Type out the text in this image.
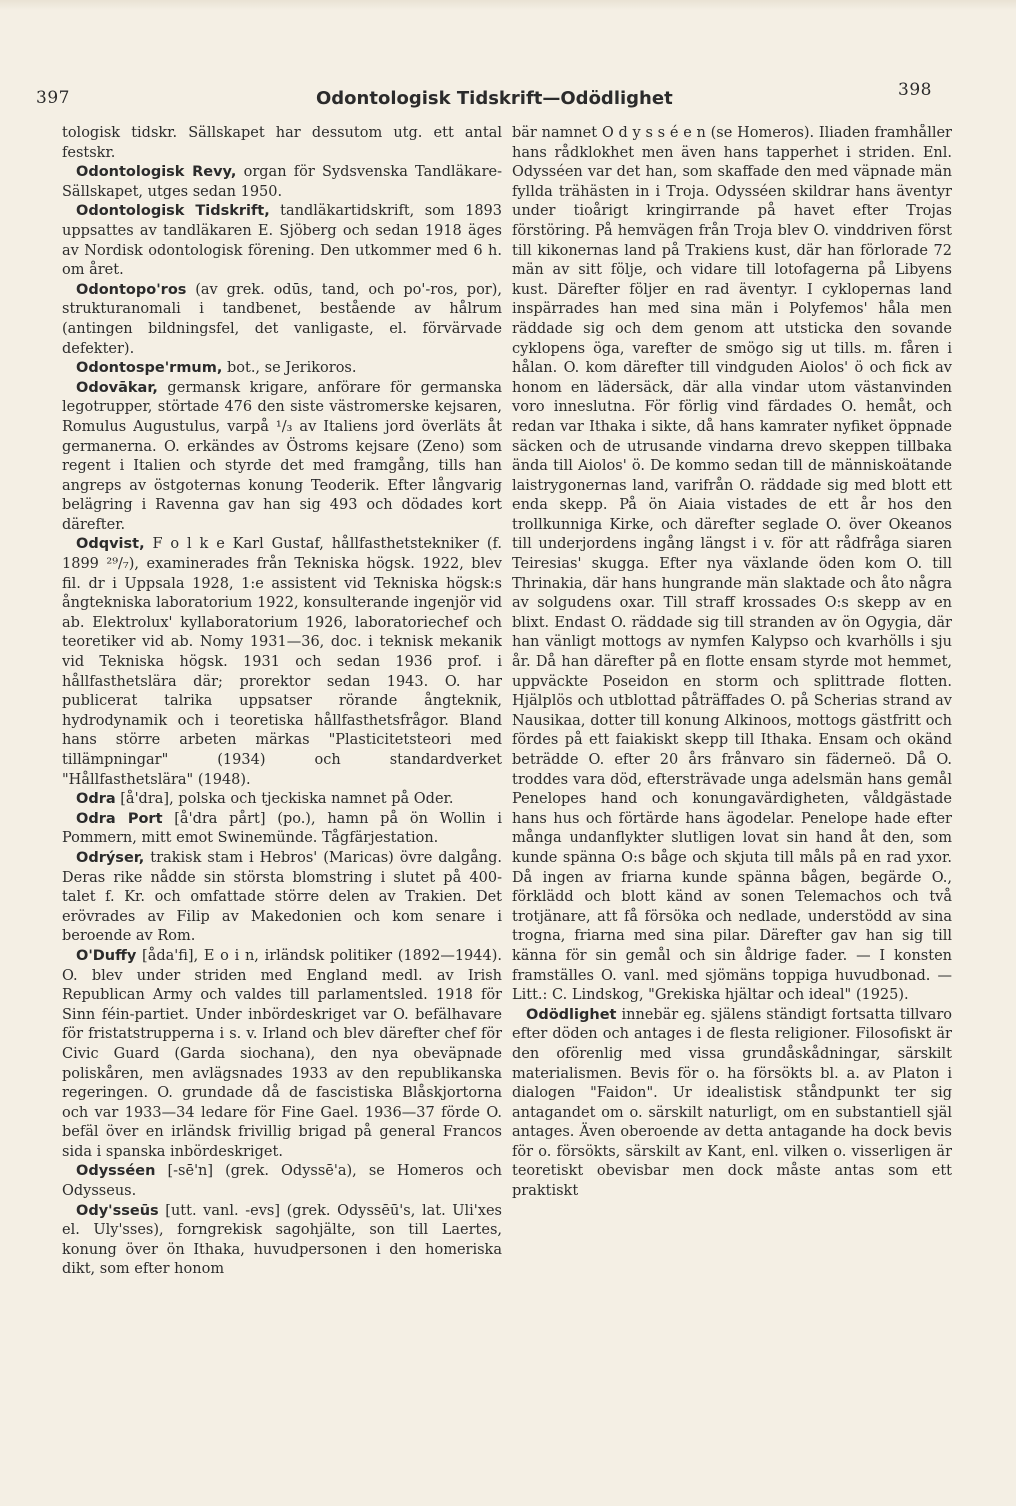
397	Odontologisk Tidskrift—Odödlighet	398

tologisk tidskr. Sällskapet har dessutom utg. ett antal festskr.

Odontologisk Revy, organ för Sydsvenska Tandläkare-Sällskapet, utges sedan 1950.

Odontologisk Tidskrift, tandläkartidskrift, som 1893 uppsattes av tandläkaren E. Sjöberg och sedan 1918 äges av Nordisk odontologisk förening. Den utkommer med 6 h. om året.

Odontopo'ros (av grek. odūs, tand, och po'-ros, por), strukturanomali i tandbenet, bestående av hålrum (antingen bildningsfel, det vanligaste, el. förvärvade defekter).

Odontospe'rmum, bot., se Jerikoros.

Odovākar, germansk krigare, anförare för germanska legotrupper, störtade 476 den siste västromerske kejsaren, Romulus Augustulus, varpå ¹/₃ av Italiens jord överläts åt germanerna. O. erkändes av Östroms kejsare (Zeno) som regent i Italien och styrde det med framgång, tills han angreps av östgoternas konung Teoderik. Efter långvarig belägring i Ravenna gav han sig 493 och dödades kort därefter.

Odqvist, F o l k e Karl Gustaf, hållfasthetstekniker (f. 1899 ²⁹/₇), examinerades från Tekniska högsk. 1922, blev fil. dr i Uppsala 1928, 1:e assistent vid Tekniska högsk:s ångtekniska laboratorium 1922, konsulterande ingenjör vid ab. Elektrolux' kyllaboratorium 1926, laboratoriechef och teoretiker vid ab. Nomy 1931—36, doc. i teknisk mekanik vid Tekniska högsk. 1931 och sedan 1936 prof. i hållfasthetslära där; prorektor sedan 1943. O. har publicerat talrika uppsatser rörande ångteknik, hydrodynamik och i teoretiska hållfasthetsfrågor. Bland hans större arbeten märkas "Plasticitetsteori med tillämpningar" (1934) och standardverket "Hållfasthetslära" (1948).

Odra [å'dra], polska och tjeckiska namnet på Oder.

Odra Port [å'dra pårt] (po.), hamn på ön Wollin i Pommern, mitt emot Swinemünde. Tågfärjestation.

Odrýser, trakisk stam i Hebros' (Maricas) övre dalgång. Deras rike nådde sin största blomstring i slutet på 400-talet f. Kr. och omfattade större delen av Trakien. Det erövrades av Filip av Makedonien och kom senare i beroende av Rom.

O'Duffy [åda'fi], E o i n, irländsk politiker (1892—1944). O. blev under striden med England medl. av Irish Republican Army och valdes till parlamentsled. 1918 för Sinn féin-partiet. Under inbördeskriget var O. befälhavare för fristatstrupperna i s. v. Irland och blev därefter chef för Civic Guard (Garda siochana), den nya obeväpnade poliskåren, men avlägsnades 1933 av den republikanska regeringen. O. grundade då de fascistiska Blåskjortorna och var 1933—34 ledare för Fine Gael. 1936—37 förde O. befäl över en irländsk frivillig brigad på general Francos sida i spanska inbördeskriget.

Odysséen [-sē'n] (grek. Odyssē'a), se Homeros och Odysseus.

Ody'sseūs [utt. vanl. -evs] (grek. Odyssēū's, lat. Uli'xes el. Uly'sses), forngrekisk sagohjälte, son till Laertes, konung över ön Ithaka, huvudpersonen i den homeriska dikt, som efter honom

bär namnet O d y s s é e n (se Homeros). Iliaden framhåller hans rådklokhet men även hans tapperhet i striden. Enl. Odysséen var det han, som skaffade den med väpnade män fyllda trähästen in i Troja. Odysséen skildrar hans äventyr under tioårigt kringirrande på havet efter Trojas förstöring. På hemvägen från Troja blev O. vinddriven först till kikonernas land på Trakiens kust, där han förlorade 72 män av sitt följe, och vidare till lotofagerna på Libyens kust. Därefter följer en rad äventyr. I cyklopernas land inspärrades han med sina män i Polyfemos' håla men räddade sig och dem genom att utsticka den sovande cyklopens öga, varefter de smögo sig ut tills. m. fåren i hålan. O. kom därefter till vindguden Aiolos' ö och fick av honom en lädersäck, där alla vindar utom västanvinden voro inneslutna. För förlig vind färdades O. hemåt, och redan var Ithaka i sikte, då hans kamrater nyfiket öppnade säcken och de utrusande vindarna drevo skeppen tillbaka ända till Aiolos' ö. De kommo sedan till de människoätande laistrygonernas land, varifrån O. räddade sig med blott ett enda skepp. På ön Aiaia vistades de ett år hos den trollkunniga Kirke, och därefter seglade O. över Okeanos till underjordens ingång längst i v. för att rådfråga siaren Teiresias' skugga. Efter nya växlande öden kom O. till Thrinakia, där hans hungrande män slaktade och åto några av solgudens oxar. Till straff krossades O:s skepp av en blixt. Endast O. räddade sig till stranden av ön Ogygia, där han vänligt mottogs av nymfen Kalypso och kvarhölls i sju år. Då han därefter på en flotte ensam styrde mot hemmet, uppväckte Poseidon en storm och splittrade flotten. Hjälplös och utblottad påträffades O. på Scherias strand av Nausikaa, dotter till konung Alkinoos, mottogs gästfritt och fördes på ett faiakiskt skepp till Ithaka. Ensam och okänd beträdde O. efter 20 års frånvaro sin fäderneö. Då O. troddes vara död, eftersträvade unga adelsmän hans gemål Penelopes hand och konungavärdigheten, våldgästade hans hus och förtärde hans ägodelar. Penelope hade efter många undanflykter slutligen lovat sin hand åt den, som kunde spänna O:s båge och skjuta till måls på en rad yxor. Då ingen av friarna kunde spänna bågen, begärde O., förklädd och blott känd av sonen Telemachos och två trotjänare, att få försöka och nedlade, understödd av sina trogna, friarna med sina pilar. Därefter gav han sig till känna för sin gemål och sin åldrige fader. — I konsten framställes O. vanl. med sjömäns toppiga huvudbonad. — Litt.: C. Lindskog, "Grekiska hjältar och ideal" (1925).

Odödlighet innebär eg. själens ständigt fortsatta tillvaro efter döden och antages i de flesta religioner. Filosofiskt är den oförenlig med vissa grundåskådningar, särskilt materialismen. Bevis för o. ha försökts bl. a. av Platon i dialogen "Faidon". Ur idealistisk ståndpunkt ter sig antagandet om o. särskilt naturligt, om en substantiell själ antages. Även oberoende av detta antagande ha dock bevis för o. försökts, särskilt av Kant, enl. vilken o. visserligen är teoretiskt obevisbar men dock måste antas som ett praktiskt
